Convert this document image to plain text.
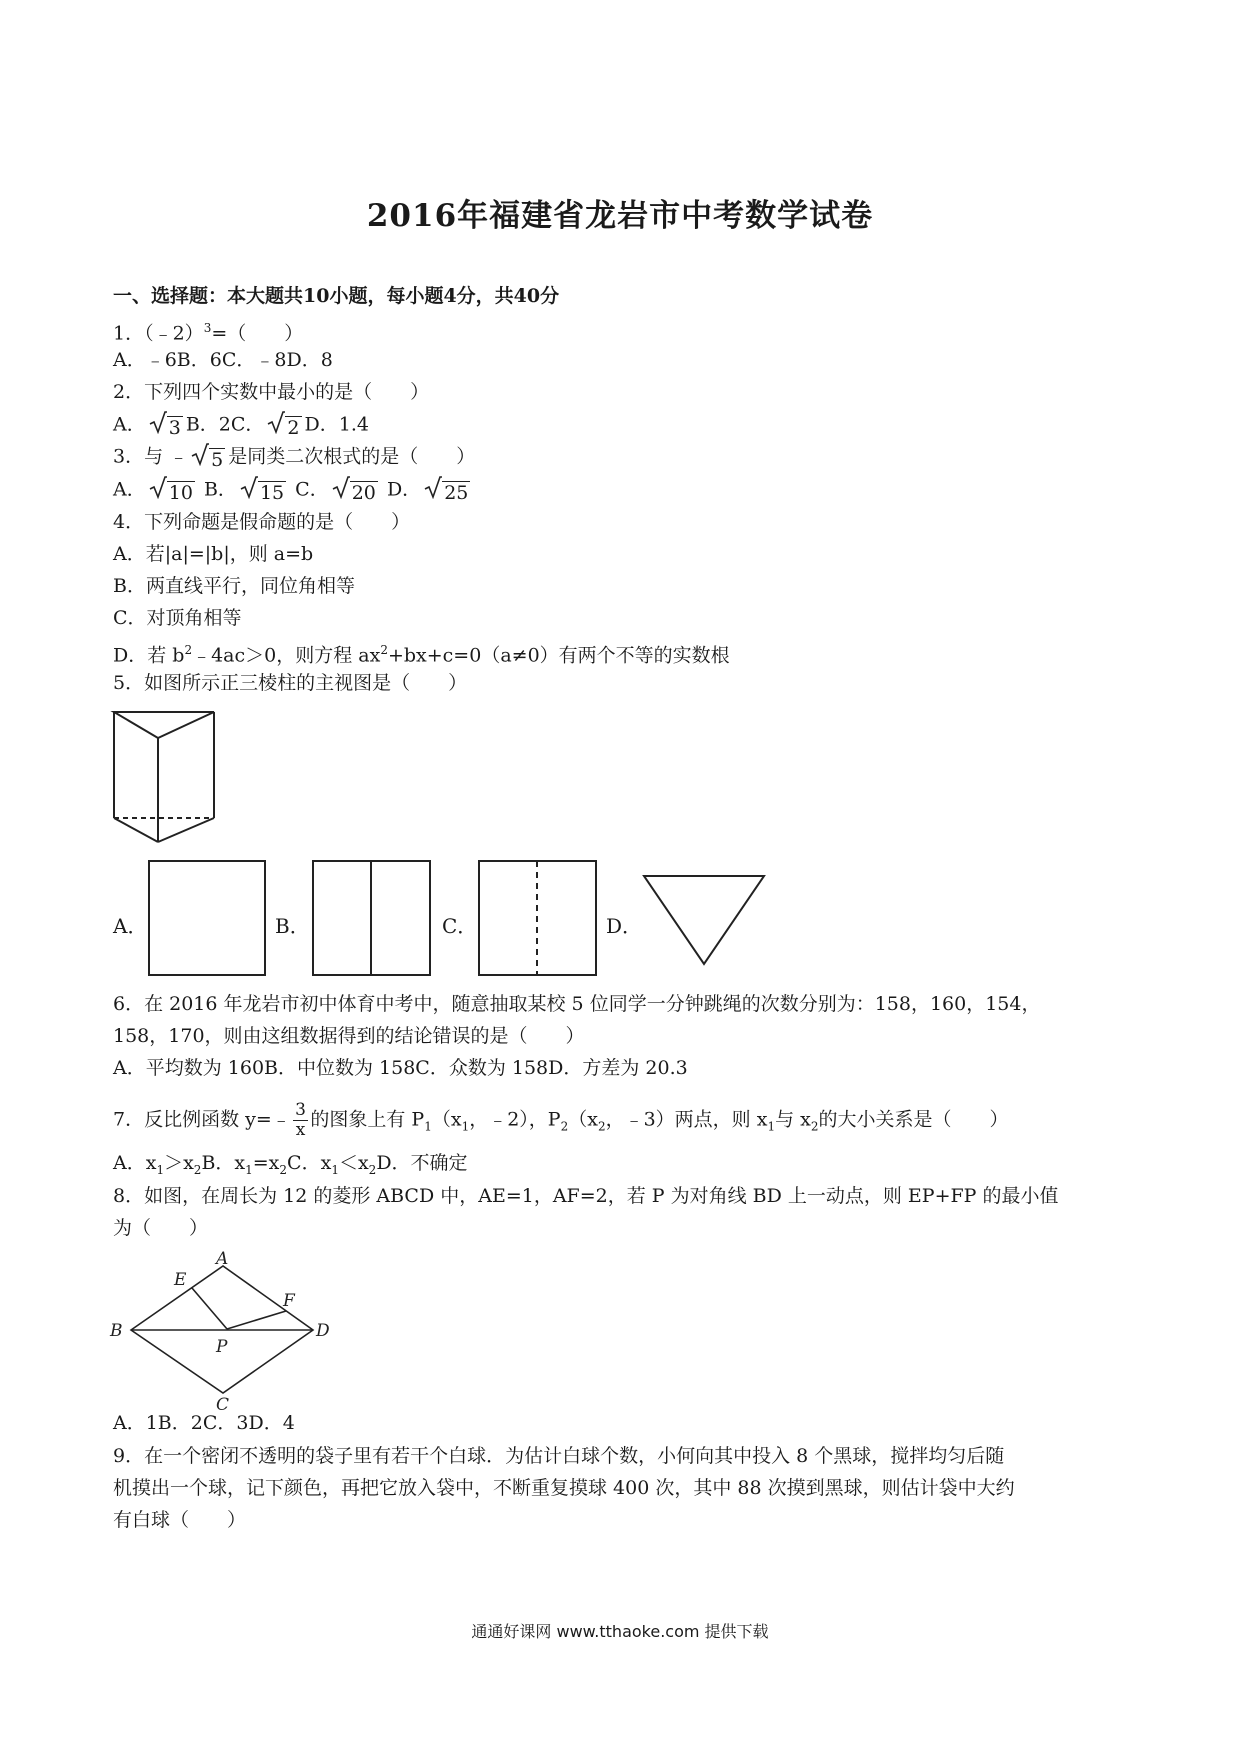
2016年福建省龙岩市中考数学试卷
一、选择题：本大题共10小题，每小题4分，共40分
1．（﹣2）$^3$=（　　）
A．﹣6B．6C．﹣8D．8
2．下列四个实数中最小的是（　　）
A． 3 B．2C． 2 D．1.4
3．与 ﹣ 5 是同类二次根式的是（　　）
A． 10 B． 15 C． 20 D． 25
4．下列命题是假命题的是（　　）
A．若|a|=|b|，则 a=b
B．两直线平行，同位角相等
C．对顶角相等
D．若 $b^2﹣4ac>0$，则方程 $ax^2+bx+c=0(a\ne 0)$有两个不等的实数根
5．如图所示正三棱柱的主视图是（　　）
A．	B．	C．	D．
6．在 2016 年龙岩市初中体育中考中，随意抽取某校 5 位同学一分钟跳绳的次数分别为：158，160，154，
158，170，则由这组数据得到的结论错误的是（　　）
A．平均数为 160B．中位数为 158C．众数为 158D．方差为 20.3
7．反比例函数 y=﹣ $\frac{3}{x}$ 的图象上有 $P_1(x_1$，﹣2），$P_2(x_2$，﹣3）两点，则 $x_1$与 $x_2$的大小关系是（　　）
A．$x_1>x_2B$．$x_1=x_2C$．$x_1<x_2D$．不确定
8．如图，在周长为 12 的菱形 ABCD 中，AE=1，AF=2，若 P 为对角线 BD 上一动点，则 EP+FP 的最小值
为（　　）
A
E
F
B	D
P
C
A．1B．2C．3D．4
9．在一个密闭不透明的袋子里有若干个白球．为估计白球个数，小何向其中投入 8 个黑球，搅拌均匀后随
机摸出一个球，记下颜色，再把它放入袋中，不断重复摸球 400 次，其中 88 次摸到黑球，则估计袋中大约
有白球（　　）
通通好课网 www.tthaoke.com 提供下载
